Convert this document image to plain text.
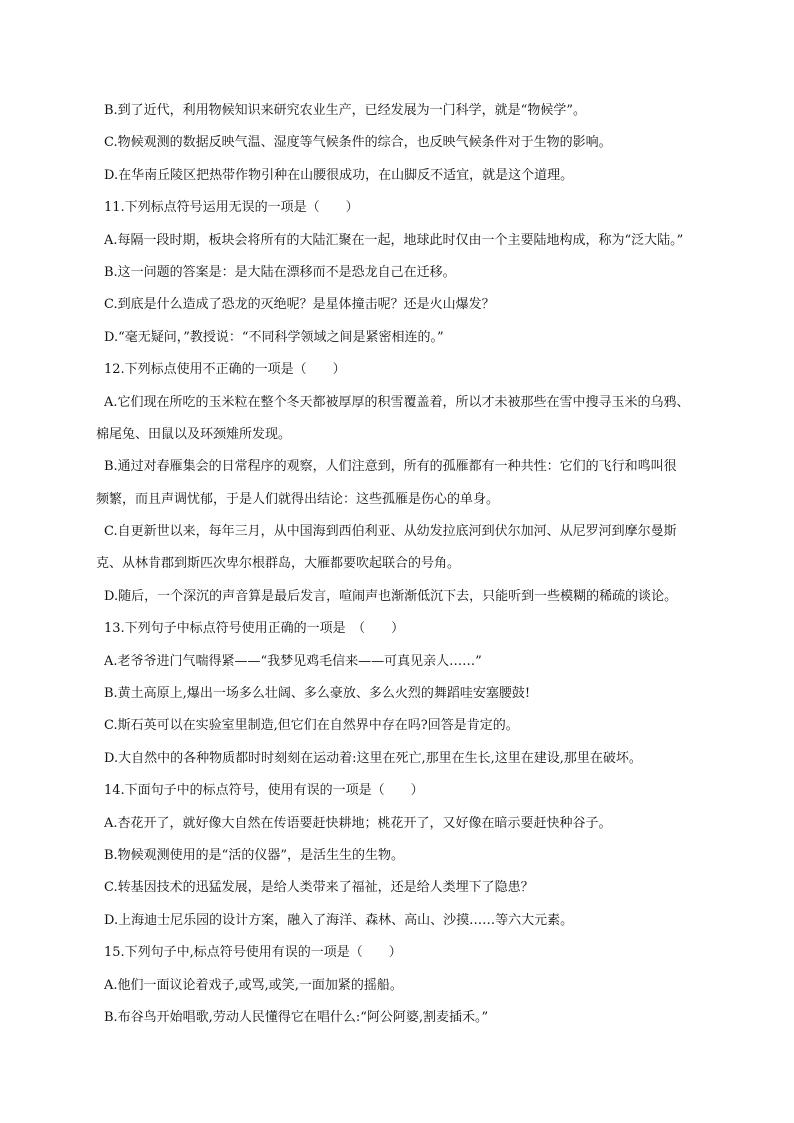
B.到了近代，利用物候知识来研究农业生产，已经发展为一门科学，就是“物候学”。
C.物候观测的数据反映气温、湿度等气候条件的综合，也反映气候条件对于生物的影响。
D.在华南丘陵区把热带作物引种在山腰很成功，在山脚反不适宜，就是这个道理。
11.下列标点符号运用无误的一项是（　　）
A.每隔一段时期，板块会将所有的大陆汇聚在一起，地球此时仅由一个主要陆地构成，称为“泛大陆。”
B.这一问题的答案是：是大陆在漂移而不是恐龙自己在迁移。
C.到底是什么造成了恐龙的灭绝呢？是星体撞击呢？还是火山爆发？
D.“毫无疑问，”教授说：“不同科学领域之间是紧密相连的。”
12.下列标点使用不正确的一项是（　　）
A.它们现在所吃的玉米粒在整个冬天都被厚厚的积雪覆盖着，所以才未被那些在雪中搜寻玉米的乌鸦、
棉尾兔、田鼠以及环颈雉所发现。
B.通过对春雁集会的日常程序的观察，人们注意到，所有的孤雁都有一种共性：它们的飞行和鸣叫很
频繁，而且声调忧郁，于是人们就得出结论：这些孤雁是伤心的单身。
C.自更新世以来，每年三月，从中国海到西伯利亚、从幼发拉底河到伏尔加河、从尼罗河到摩尔曼斯
克、从林肯郡到斯匹次卑尔根群岛，大雁都要吹起联合的号角。
D.随后，一个深沉的声音算是最后发言，喧闹声也渐渐低沉下去，只能听到一些模糊的稀疏的谈论。
13.下列句子中标点符号使用正确的一项是　（　　）
A.老爷爷进门气喘得紧——“我梦见鸡毛信来——可真见亲人……”
B.黄土高原上,爆出一场多么壮阔、多么豪放、多么火烈的舞蹈哇安塞腰鼓!
C.斯石英可以在实验室里制造,但它们在自然界中存在吗?回答是肯定的。
D.大自然中的各种物质都时时刻刻在运动着:这里在死亡,那里在生长,这里在建设,那里在破坏。
14.下面句子中的标点符号，使用有误的一项是（　　）
A.杏花开了，就好像大自然在传语要赶快耕地；桃花开了，又好像在暗示要赶快种谷子。
B.物候观测使用的是“活的仪器”，是活生生的生物。
C.转基因技术的迅猛发展，是给人类带来了福祉，还是给人类埋下了隐患？
D.上海迪士尼乐园的设计方案，融入了海洋、森林、高山、沙摸……等六大元素。
15.下列句子中,标点符号使用有误的一项是（　　）
A.他们一面议论着戏子,或骂,或笑,一面加紧的摇船。
B.布谷鸟开始唱歌,劳动人民懂得它在唱什么:“阿公阿婆,割麦插禾。”
